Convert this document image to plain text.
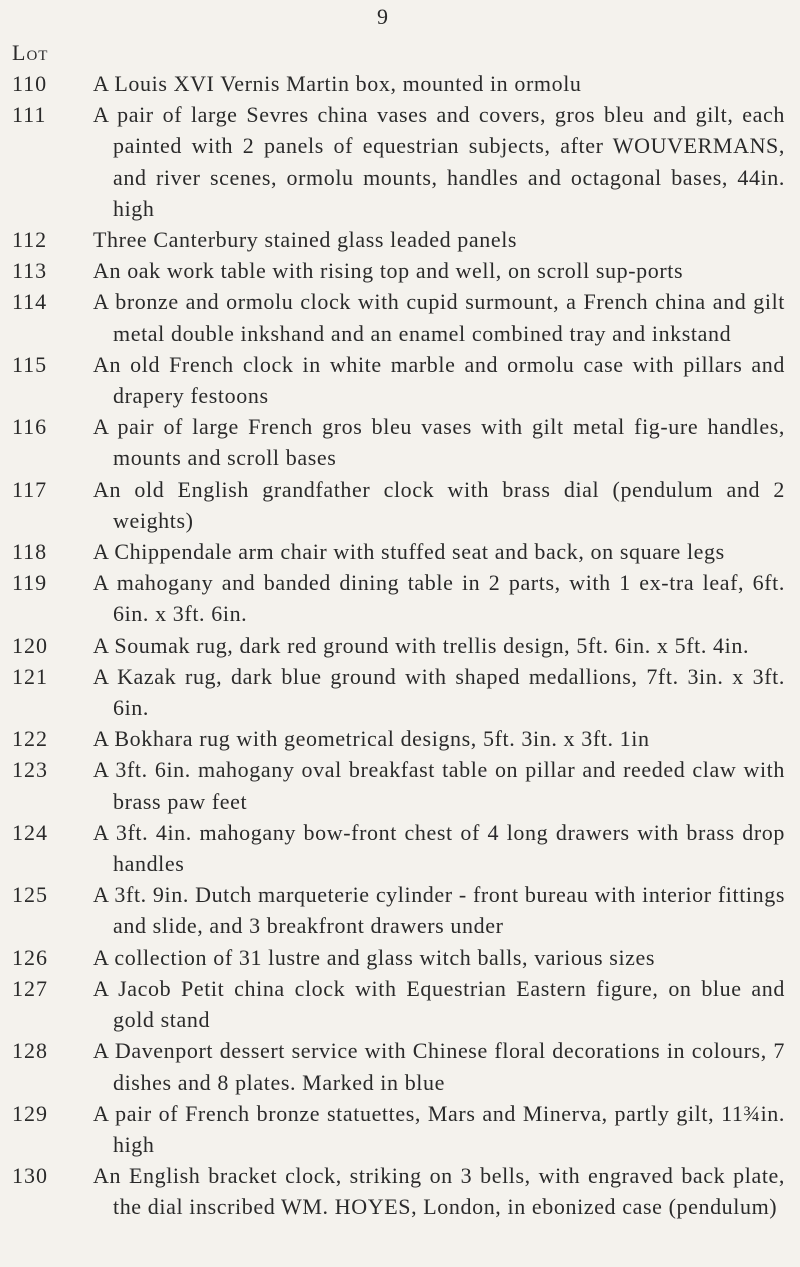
9
Lot
110	A Louis XVI Vernis Martin box, mounted in ormolu
111	A pair of large Sevres china vases and covers, gros bleu and gilt, each painted with 2 panels of equestrian subjects, after WOUVERMANS, and river scenes, ormolu mounts, handles and octagonal bases, 44in. high
112	Three Canterbury stained glass leaded panels
113	An oak work table with rising top and well, on scroll sup-ports
114	A bronze and ormolu clock with cupid surmount, a French china and gilt metal double inkshand and an enamel combined tray and inkstand
115	An old French clock in white marble and ormolu case with pillars and drapery festoons
116	A pair of large French gros bleu vases with gilt metal fig-ure handles, mounts and scroll bases
117	An old English grandfather clock with brass dial (pendulum and 2 weights)
118	A Chippendale arm chair with stuffed seat and back, on square legs
119	A mahogany and banded dining table in 2 parts, with 1 ex-tra leaf, 6ft. 6in. x 3ft. 6in.
120	A Soumak rug, dark red ground with trellis design, 5ft. 6in. x 5ft. 4in.
121	A Kazak rug, dark blue ground with shaped medallions, 7ft. 3in. x 3ft. 6in.
122	A Bokhara rug with geometrical designs, 5ft. 3in. x 3ft. 1in
123	A 3ft. 6in. mahogany oval breakfast table on pillar and reeded claw with brass paw feet
124	A 3ft. 4in. mahogany bow-front chest of 4 long drawers with brass drop handles
125	A 3ft. 9in. Dutch marqueterie cylinder - front bureau with interior fittings and slide, and 3 breakfront drawers under
126	A collection of 31 lustre and glass witch balls, various sizes
127	A Jacob Petit china clock with Equestrian Eastern figure, on blue and gold stand
128	A Davenport dessert service with Chinese floral decorations in colours, 7 dishes and 8 plates. Marked in blue
129	A pair of French bronze statuettes, Mars and Minerva, partly gilt, 11¾in. high
130	An English bracket clock, striking on 3 bells, with engraved back plate, the dial inscribed WM. HOYES, London, in ebonized case (pendulum)
